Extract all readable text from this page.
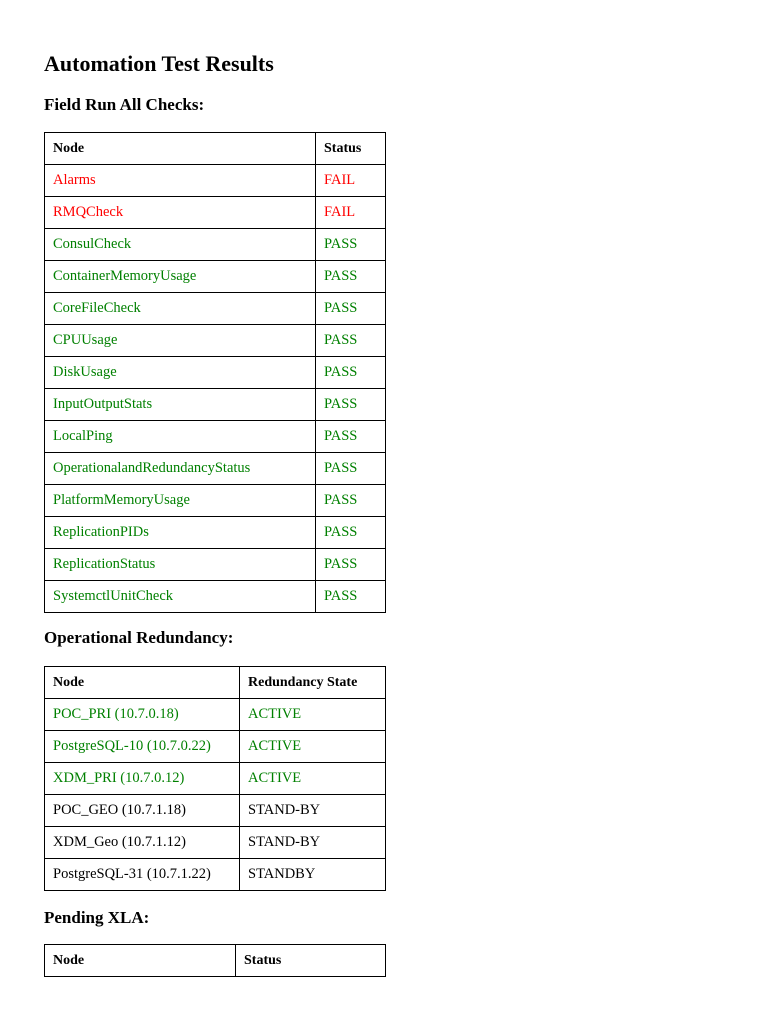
Automation Test Results
Field Run All Checks:
Node	Status
Alarms	FAIL
RMQCheck	FAIL
ConsulCheck	PASS
ContainerMemoryUsage	PASS
CoreFileCheck	PASS
CPUUsage	PASS
DiskUsage	PASS
InputOutputStats	PASS
LocalPing	PASS
OperationalandRedundancyStatus	PASS
PlatformMemoryUsage	PASS
ReplicationPIDs	PASS
ReplicationStatus	PASS
SystemctlUnitCheck	PASS
Operational Redundancy:
Node	Redundancy State
POC_PRI (10.7.0.18)	ACTIVE
PostgreSQL-10 (10.7.0.22)	ACTIVE
XDM_PRI (10.7.0.12)	ACTIVE
POC_GEO (10.7.1.18)	STAND-BY
XDM_Geo (10.7.1.12)	STAND-BY
PostgreSQL-31 (10.7.1.22)	STANDBY
Pending XLA:
Node	Status
